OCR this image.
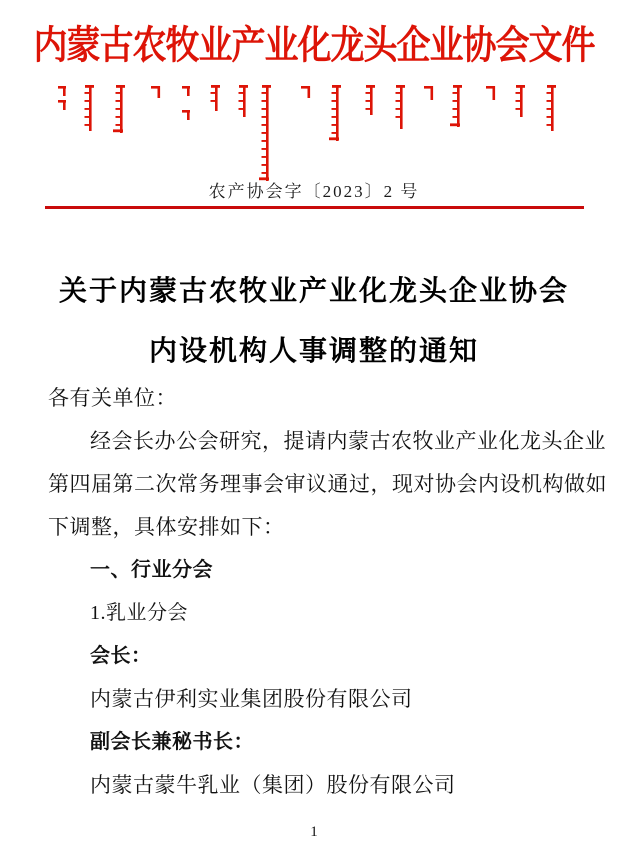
内蒙古农牧业产业化龙头企业协会文件
农产协会字〔2023〕2 号
关于内蒙古农牧业产业化龙头企业协会
内设机构人事调整的通知
各有关单位：
经会长办公会研究，提请内蒙古农牧业产业化龙头企业
第四届第二次常务理事会审议通过，现对协会内设机构做如
下调整，具体安排如下：
一、行业分会
1.乳业分会
会长：
内蒙古伊利实业集团股份有限公司
副会长兼秘书长：
内蒙古蒙牛乳业（集团）股份有限公司
1
